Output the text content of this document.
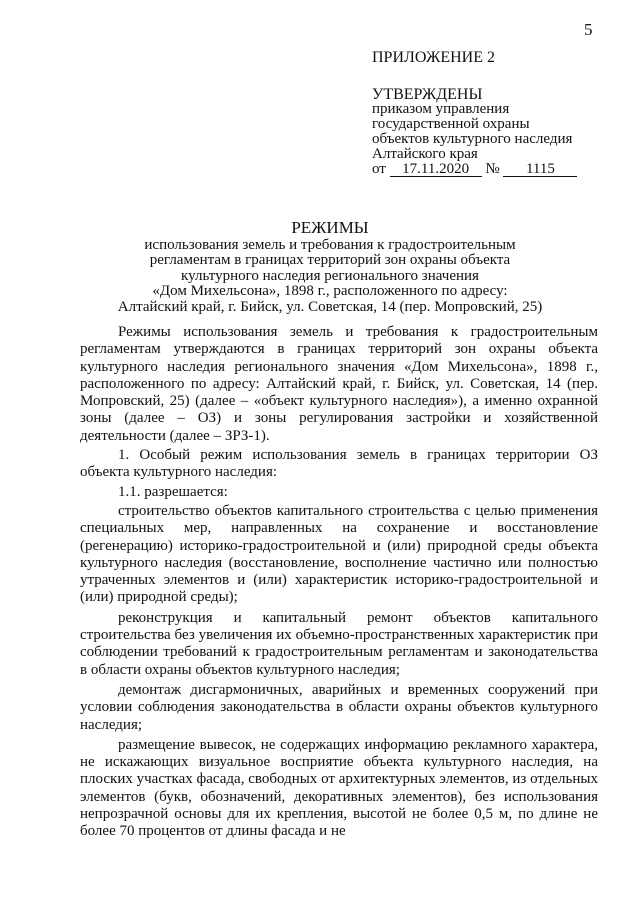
5
ПРИЛОЖЕНИЕ 2
УТВЕРЖДЕНЫ
приказом управления
государственной охраны
объектов культурного наследия
Алтайского края
от 17.11.2020 № 1115
РЕЖИМЫ
использования земель и требования к градостроительным
регламентам в границах территорий зон охраны объекта
культурного наследия регионального значения
«Дом Михельсона», 1898 г., расположенного по адресу:
Алтайский край, г. Бийск, ул. Советская, 14 (пер. Мопровский, 25)

Режимы использования земель и требования к градостроительным регламентам утверждаются в границах территорий зон охраны объекта культурного наследия регионального значения «Дом Михельсона», 1898 г., расположенного по адресу: Алтайский край, г. Бийск, ул. Советская, 14 (пер. Мопровский, 25) (далее – «объект культурного наследия»), а именно охранной зоны (далее – ОЗ) и зоны регулирования застройки и хозяйственной деятельности (далее – ЗРЗ-1).

1. Особый режим использования земель в границах территории ОЗ объекта культурного наследия:

1.1. разрешается:

строительство объектов капитального строительства с целью применения специальных мер, направленных на сохранение и восстановление (регенерацию) историко-градостроительной и (или) природной среды объекта культурного наследия (восстановление, восполнение частично или полностью утраченных элементов и (или) характеристик историко-градостроительной и (или) природной среды);

реконструкция и капитальный ремонт объектов капитального строительства без увеличения их объемно-пространственных характеристик при соблюдении требований к градостроительным регламентам и законодательства в области охраны объектов культурного наследия;

демонтаж дисгармоничных, аварийных и временных сооружений при условии соблюдения законодательства в области охраны объектов культурного наследия;

размещение вывесок, не содержащих информацию рекламного характера, не искажающих визуальное восприятие объекта культурного наследия, на плоских участках фасада, свободных от архитектурных элементов, из отдельных элементов (букв, обозначений, декоративных элементов), без использования непрозрачной основы для их крепления, высотой не более 0,5 м, по длине не более 70 процентов от длины фасада и не
